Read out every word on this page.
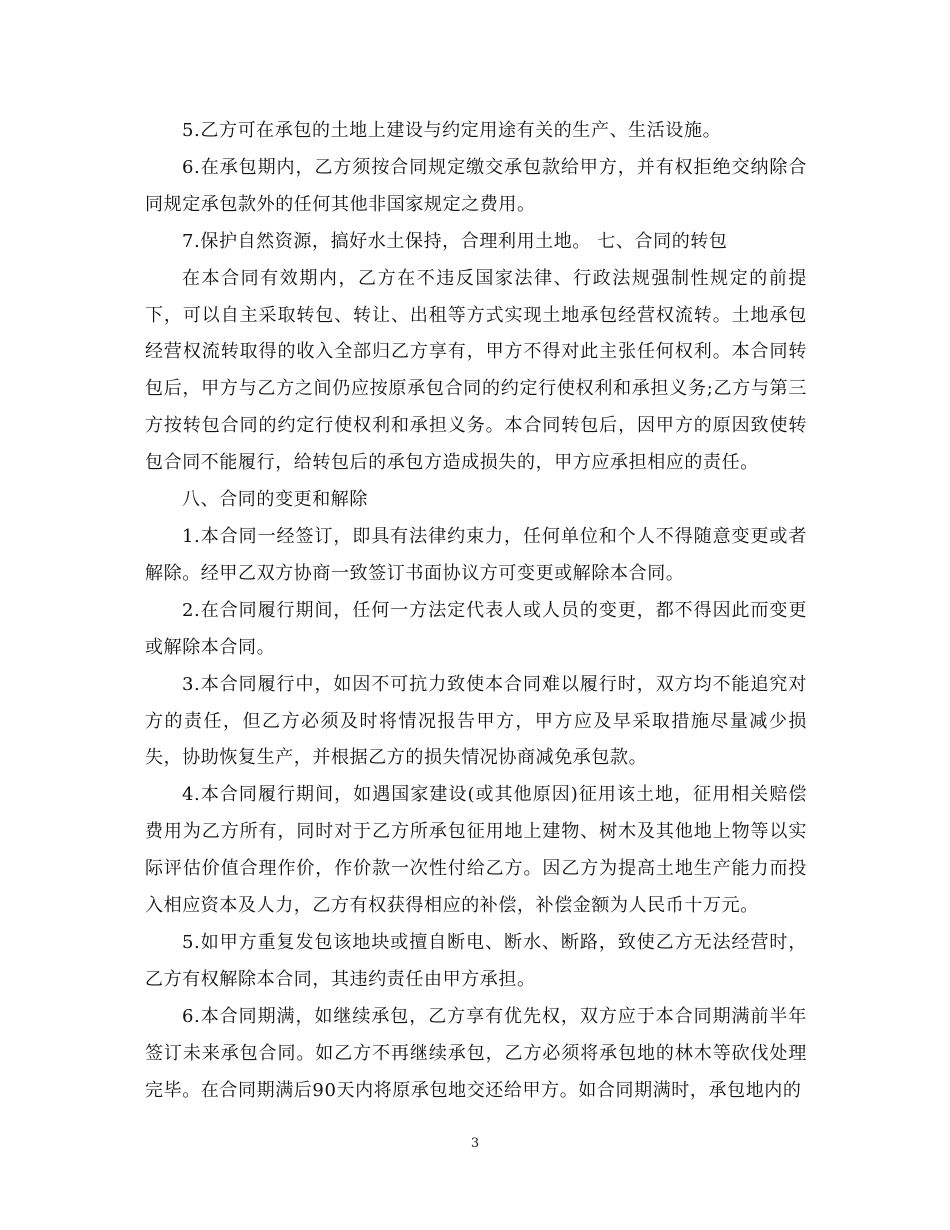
5.乙方可在承包的土地上建设与约定用途有关的生产、生活设施。

6.在承包期内，乙方须按合同规定缴交承包款给甲方，并有权拒绝交纳除合同规定承包款外的任何其他非国家规定之费用。

7.保护自然资源，搞好水土保持，合理利用土地。 七、合同的转包

在本合同有效期内，乙方在不违反国家法律、行政法规强制性规定的前提下，可以自主采取转包、转让、出租等方式实现土地承包经营权流转。土地承包经营权流转取得的收入全部归乙方享有，甲方不得对此主张任何权利。本合同转包后，甲方与乙方之间仍应按原承包合同的约定行使权利和承担义务;乙方与第三方按转包合同的约定行使权利和承担义务。本合同转包后，因甲方的原因致使转包合同不能履行，给转包后的承包方造成损失的，甲方应承担相应的责任。

八、合同的变更和解除

1.本合同一经签订，即具有法律约束力，任何单位和个人不得随意变更或者解除。经甲乙双方协商一致签订书面协议方可变更或解除本合同。

2.在合同履行期间，任何一方法定代表人或人员的变更，都不得因此而变更或解除本合同。

3.本合同履行中，如因不可抗力致使本合同难以履行时，双方均不能追究对方的责任，但乙方必须及时将情况报告甲方，甲方应及早采取措施尽量减少损失，协助恢复生产，并根据乙方的损失情况协商减免承包款。

4.本合同履行期间，如遇国家建设(或其他原因)征用该土地，征用相关赔偿费用为乙方所有，同时对于乙方所承包征用地上建物、树木及其他地上物等以实际评估价值合理作价，作价款一次性付给乙方。因乙方为提高土地生产能力而投入相应资本及人力，乙方有权获得相应的补偿，补偿金额为人民币十万元。

5.如甲方重复发包该地块或擅自断电、断水、断路，致使乙方无法经营时，乙方有权解除本合同，其违约责任由甲方承担。

6.本合同期满，如继续承包，乙方享有优先权，双方应于本合同期满前半年签订未来承包合同。如乙方不再继续承包，乙方必须将承包地的林木等砍伐处理完毕。在合同期满后90天内将原承包地交还给甲方。如合同期满时，承包地内的

3
